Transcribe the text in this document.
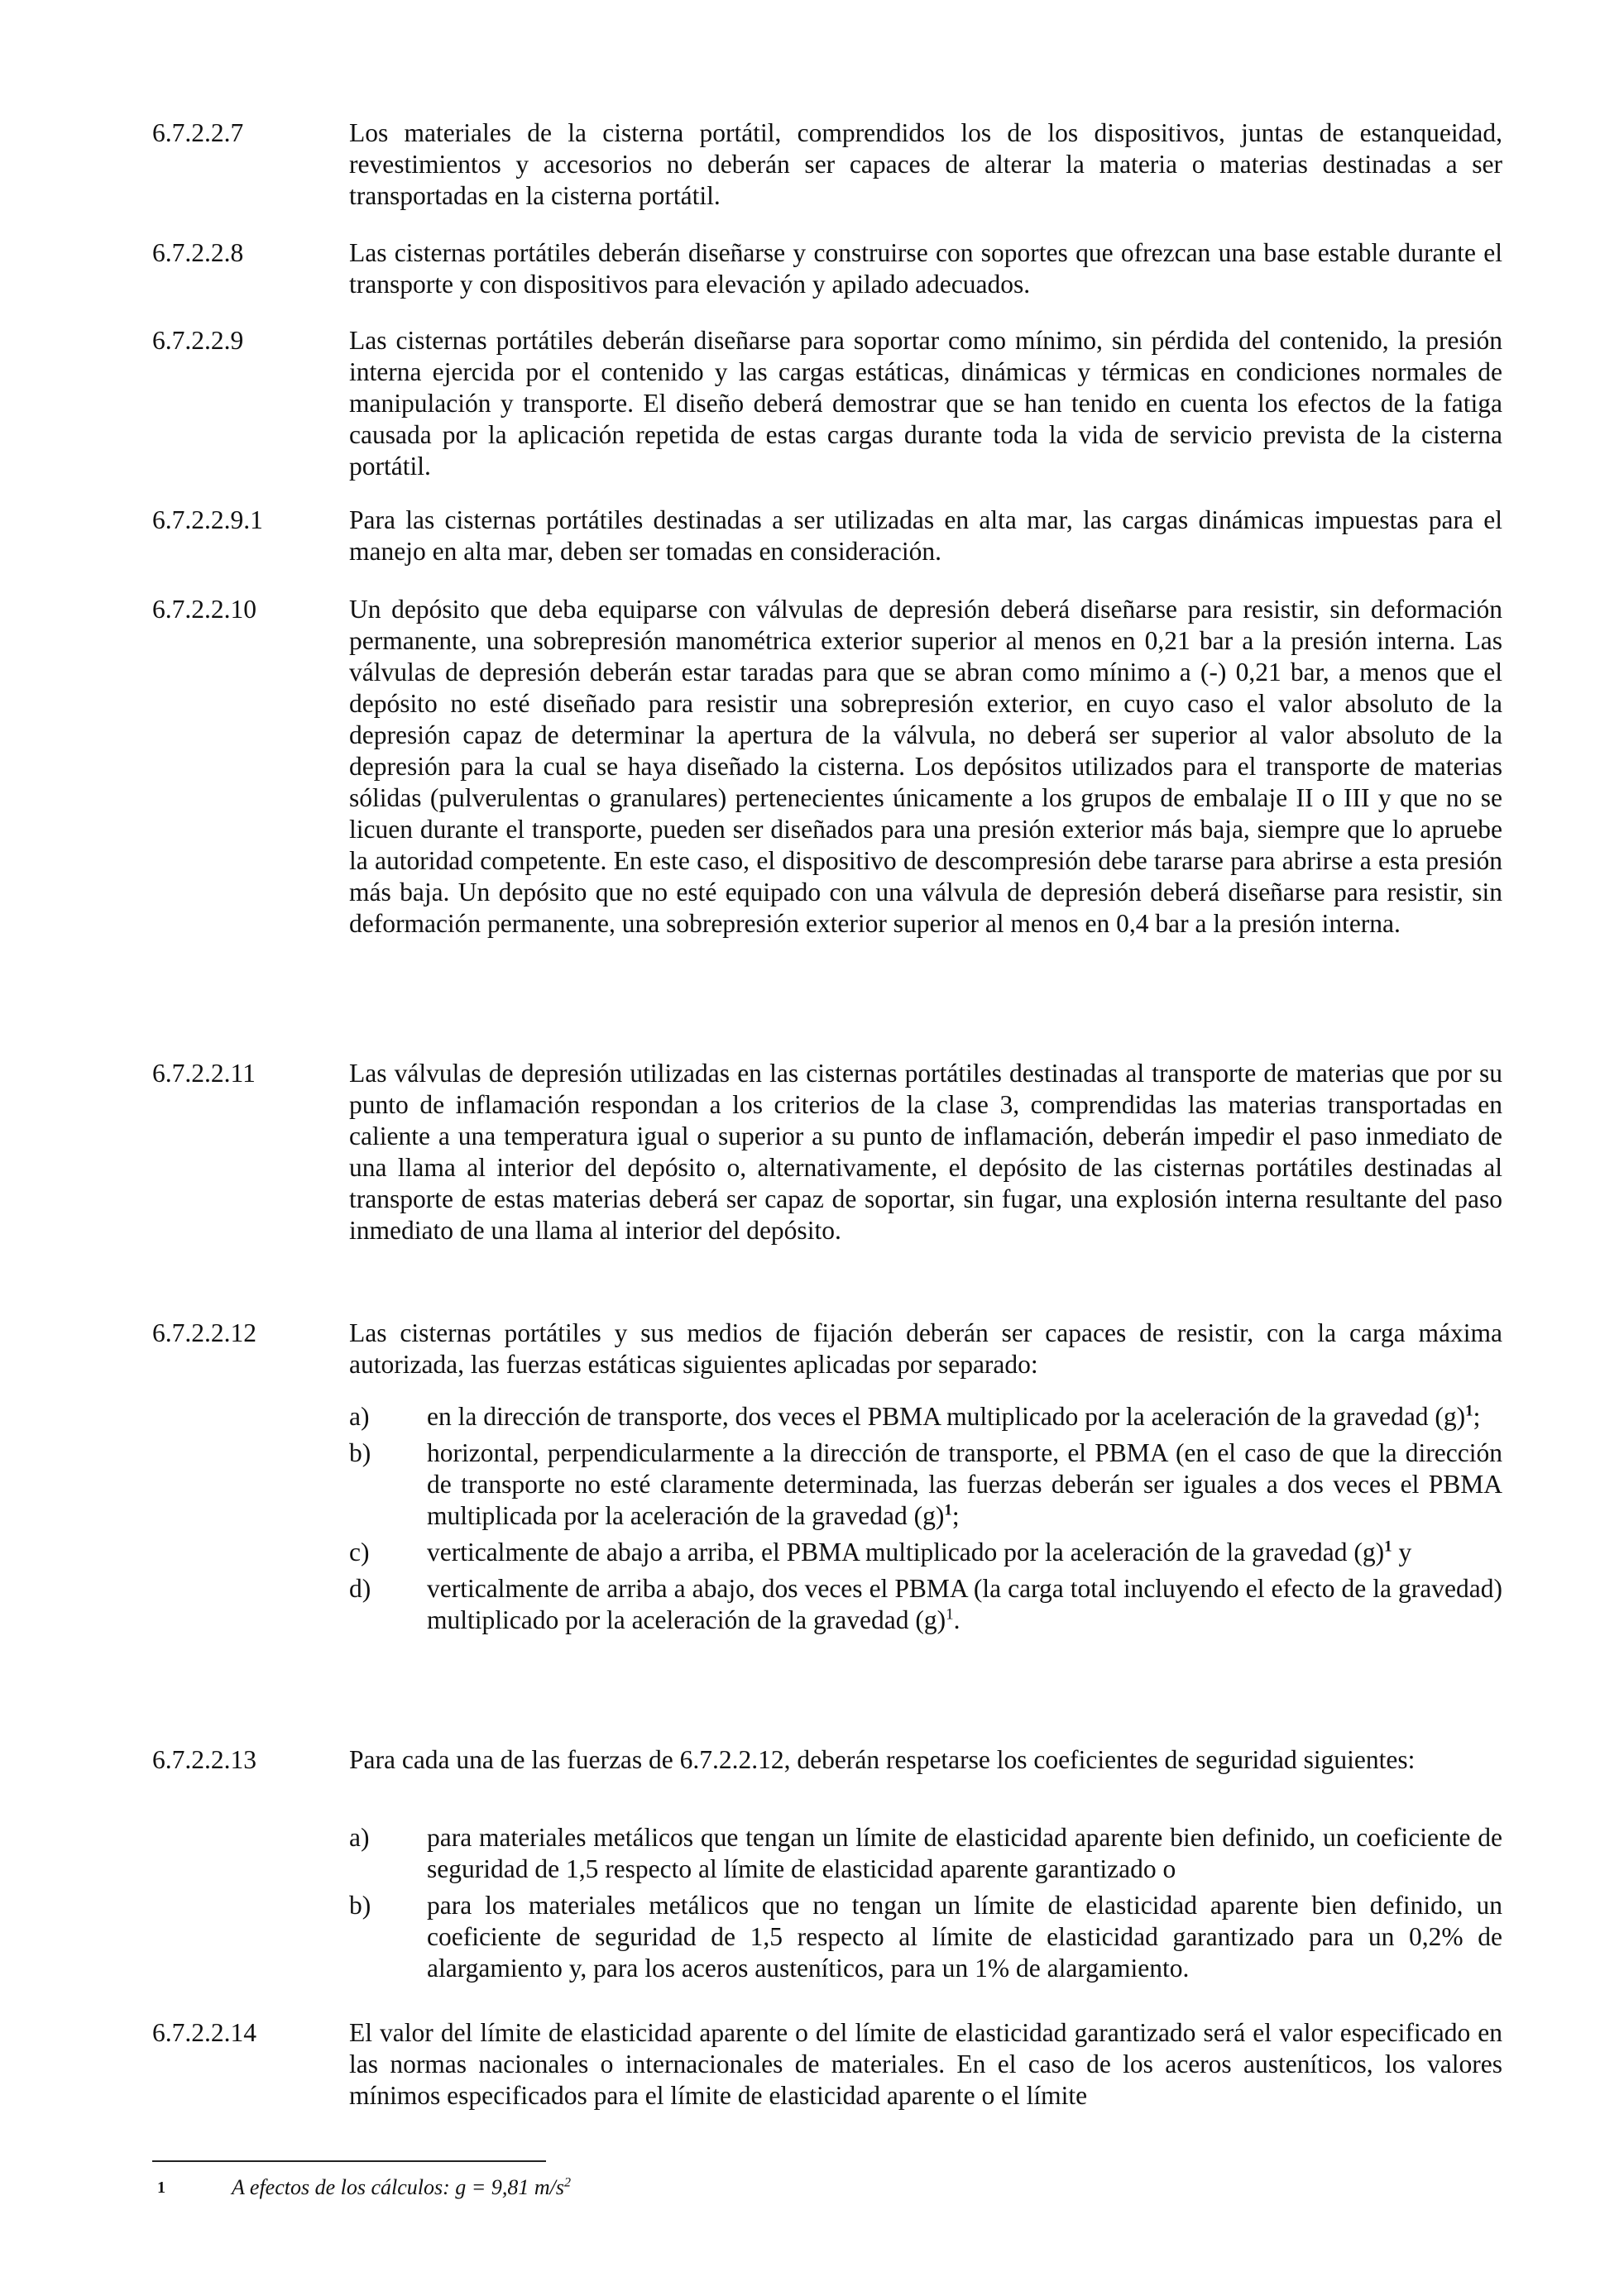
6.7.2.2.7	Los materiales de la cisterna portátil, comprendidos los de los dispositivos, juntas de estanqueidad, revestimientos y accesorios no deberán ser capaces de alterar la materia o materias destinadas a ser transportadas en la cisterna portátil.
6.7.2.2.8	Las cisternas portátiles deberán diseñarse y construirse con soportes que ofrezcan una base estable durante el transporte y con dispositivos para elevación y apilado adecuados.
6.7.2.2.9	Las cisternas portátiles deberán diseñarse para soportar como mínimo, sin pérdida del contenido, la presión interna ejercida por el contenido y las cargas estáticas, dinámicas y térmicas en condiciones normales de manipulación y transporte. El diseño deberá demostrar que se han tenido en cuenta los efectos de la fatiga causada por la aplicación repetida de estas cargas durante toda la vida de servicio prevista de la cisterna portátil.
6.7.2.2.9.1	Para las cisternas portátiles destinadas a ser utilizadas en alta mar, las cargas dinámicas impuestas para el manejo en alta mar, deben ser tomadas en consideración.
6.7.2.2.10	Un depósito que deba equiparse con válvulas de depresión deberá diseñarse para resistir, sin deformación permanente, una sobrepresión manométrica exterior superior al menos en 0,21 bar a la presión interna. Las válvulas de depresión deberán estar taradas para que se abran como mínimo a (-) 0,21 bar, a menos que el depósito no esté diseñado para resistir una sobrepresión exterior, en cuyo caso el valor absoluto de la depresión capaz de determinar la apertura de la válvula, no deberá ser superior al valor absoluto de la depresión para la cual se haya diseñado la cisterna. Los depósitos utilizados para el transporte de materias sólidas (pulverulentas o granulares) pertenecientes únicamente a los grupos de embalaje II o III y que no se licuen durante el transporte, pueden ser diseñados para una presión exterior más baja, siempre que lo apruebe la autoridad competente. En este caso, el dispositivo de descompresión debe tararse para abrirse a esta presión más baja. Un depósito que no esté equipado con una válvula de depresión deberá diseñarse para resistir, sin deformación permanente, una sobrepresión exterior superior al menos en 0,4 bar a la presión interna.
6.7.2.2.11	Las válvulas de depresión utilizadas en las cisternas portátiles destinadas al transporte de materias que por su punto de inflamación respondan a los criterios de la clase 3, comprendidas las materias transportadas en caliente a una temperatura igual o superior a su punto de inflamación, deberán impedir el paso inmediato de una llama al interior del depósito o, alternativamente, el depósito de las cisternas portátiles destinadas al transporte de estas materias deberá ser capaz de soportar, sin fugar, una explosión interna resultante del paso inmediato de una llama al interior del depósito.
6.7.2.2.12	Las cisternas portátiles y sus medios de fijación deberán ser capaces de resistir, con la carga máxima autorizada, las fuerzas estáticas siguientes aplicadas por separado:
a) en la dirección de transporte, dos veces el PBMA multiplicado por la aceleración de la gravedad $(g)^1$;
b) horizontal, perpendicularmente a la dirección de transporte, el PBMA (en el caso de que la dirección de transporte no esté claramente determinada, las fuerzas deberán ser iguales a dos veces el PBMA multiplicada por la aceleración de la gravedad $(g)^1$;
c) verticalmente de abajo a arriba, el PBMA multiplicado por la aceleración de la gravedad $(g)^1$ y
d) verticalmente de arriba a abajo, dos veces el PBMA (la carga total incluyendo el efecto de la gravedad) multiplicado por la aceleración de la gravedad $(g)^1$.
6.7.2.2.13	Para cada una de las fuerzas de 6.7.2.2.12, deberán respetarse los coeficientes de seguridad siguientes:
a) para materiales metálicos que tengan un límite de elasticidad aparente bien definido, un coeficiente de seguridad de 1,5 respecto al límite de elasticidad aparente garantizado o
b) para los materiales metálicos que no tengan un límite de elasticidad aparente bien definido, un coeficiente de seguridad de 1,5 respecto al límite de elasticidad garantizado para un 0,2% de alargamiento y, para los aceros austeníticos, para un 1% de alargamiento.
6.7.2.2.14	El valor del límite de elasticidad aparente o del límite de elasticidad garantizado será el valor especificado en las normas nacionales o internacionales de materiales. En el caso de los aceros austeníticos, los valores mínimos especificados para el límite de elasticidad aparente o el límite
1	A efectos de los cálculos: g = 9,81 $m/s^2$
